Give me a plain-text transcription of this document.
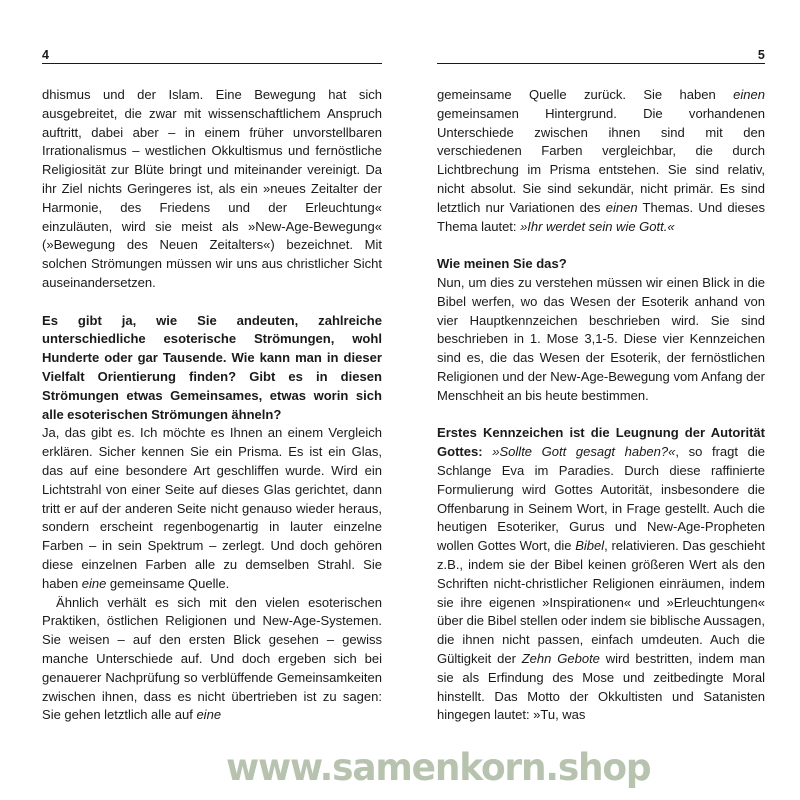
4

dhismus und der Islam. Eine Bewegung hat sich ausgebreitet, die zwar mit wissenschaftlichem Anspruch auftritt, dabei aber – in einem früher unvorstellbaren Irrationalismus – westlichen Okkultismus und fernöstliche Religiosität zur Blüte bringt und miteinander vereinigt. Da ihr Ziel nichts Geringeres ist, als ein »neues Zeitalter der Harmonie, des Friedens und der Erleuchtung« einzuläuten, wird sie meist als »New-Age-Bewegung« (»Bewegung des Neuen Zeitalters«) bezeichnet. Mit solchen Strömungen müssen wir uns aus christlicher Sicht auseinandersetzen.

Es gibt ja, wie Sie andeuten, zahlreiche unterschiedliche esoterische Strömungen, wohl Hunderte oder gar Tausende. Wie kann man in dieser Vielfalt Orientierung finden? Gibt es in diesen Strömungen etwas Gemeinsames, etwas worin sich alle esoterischen Strömungen ähneln?

Ja, das gibt es. Ich möchte es Ihnen an einem Vergleich erklären. Sicher kennen Sie ein Prisma. Es ist ein Glas, das auf eine besondere Art geschliffen wurde. Wird ein Lichtstrahl von einer Seite auf dieses Glas gerichtet, dann tritt er auf der anderen Seite nicht genauso wieder heraus, sondern erscheint regenbogenartig in lauter einzelne Farben – in sein Spektrum – zerlegt. Und doch gehören diese einzelnen Farben alle zu demselben Strahl. Sie haben eine gemeinsame Quelle.

Ähnlich verhält es sich mit den vielen esoterischen Praktiken, östlichen Religionen und New-Age-Systemen. Sie weisen – auf den ersten Blick gesehen – gewiss manche Unterschiede auf. Und doch ergeben sich bei genauerer Nachprüfung so verblüffende Gemeinsamkeiten zwischen ihnen, dass es nicht übertrieben ist zu sagen: Sie gehen letztlich alle auf eine

5

gemeinsame Quelle zurück. Sie haben einen gemeinsamen Hintergrund. Die vorhandenen Unterschiede zwischen ihnen sind mit den verschiedenen Farben vergleichbar, die durch Lichtbrechung im Prisma entstehen. Sie sind relativ, nicht absolut. Sie sind sekundär, nicht primär. Es sind letztlich nur Variationen des einen Themas. Und dieses Thema lautet: »Ihr werdet sein wie Gott.«

Wie meinen Sie das?

Nun, um dies zu verstehen müssen wir einen Blick in die Bibel werfen, wo das Wesen der Esoterik anhand von vier Hauptkennzeichen beschrieben wird. Sie sind beschrieben in 1. Mose 3,1-5. Diese vier Kennzeichen sind es, die das Wesen der Esoterik, der fernöstlichen Religionen und der New-Age-Bewegung vom Anfang der Menschheit an bis heute bestimmen.

Erstes Kennzeichen ist die Leugnung der Autorität Gottes: »Sollte Gott gesagt haben?«, so fragt die Schlange Eva im Paradies. Durch diese raffinierte Formulierung wird Gottes Autorität, insbesondere die Offenbarung in Seinem Wort, in Frage gestellt. Auch die heutigen Esoteriker, Gurus und New-Age-Propheten wollen Gottes Wort, die Bibel, relativieren. Das geschieht z.B., indem sie der Bibel keinen größeren Wert als den Schriften nicht-christlicher Religionen einräumen, indem sie ihre eigenen »Inspirationen« und »Erleuchtungen« über die Bibel stellen oder indem sie biblische Aussagen, die ihnen nicht passen, einfach umdeuten. Auch die Gültigkeit der Zehn Gebote wird bestritten, indem man sie als Erfindung des Mose und zeitbedingte Moral hinstellt. Das Motto der Okkultisten und Satanisten hingegen lautet: »Tu, was

www.samenkorn.shop
